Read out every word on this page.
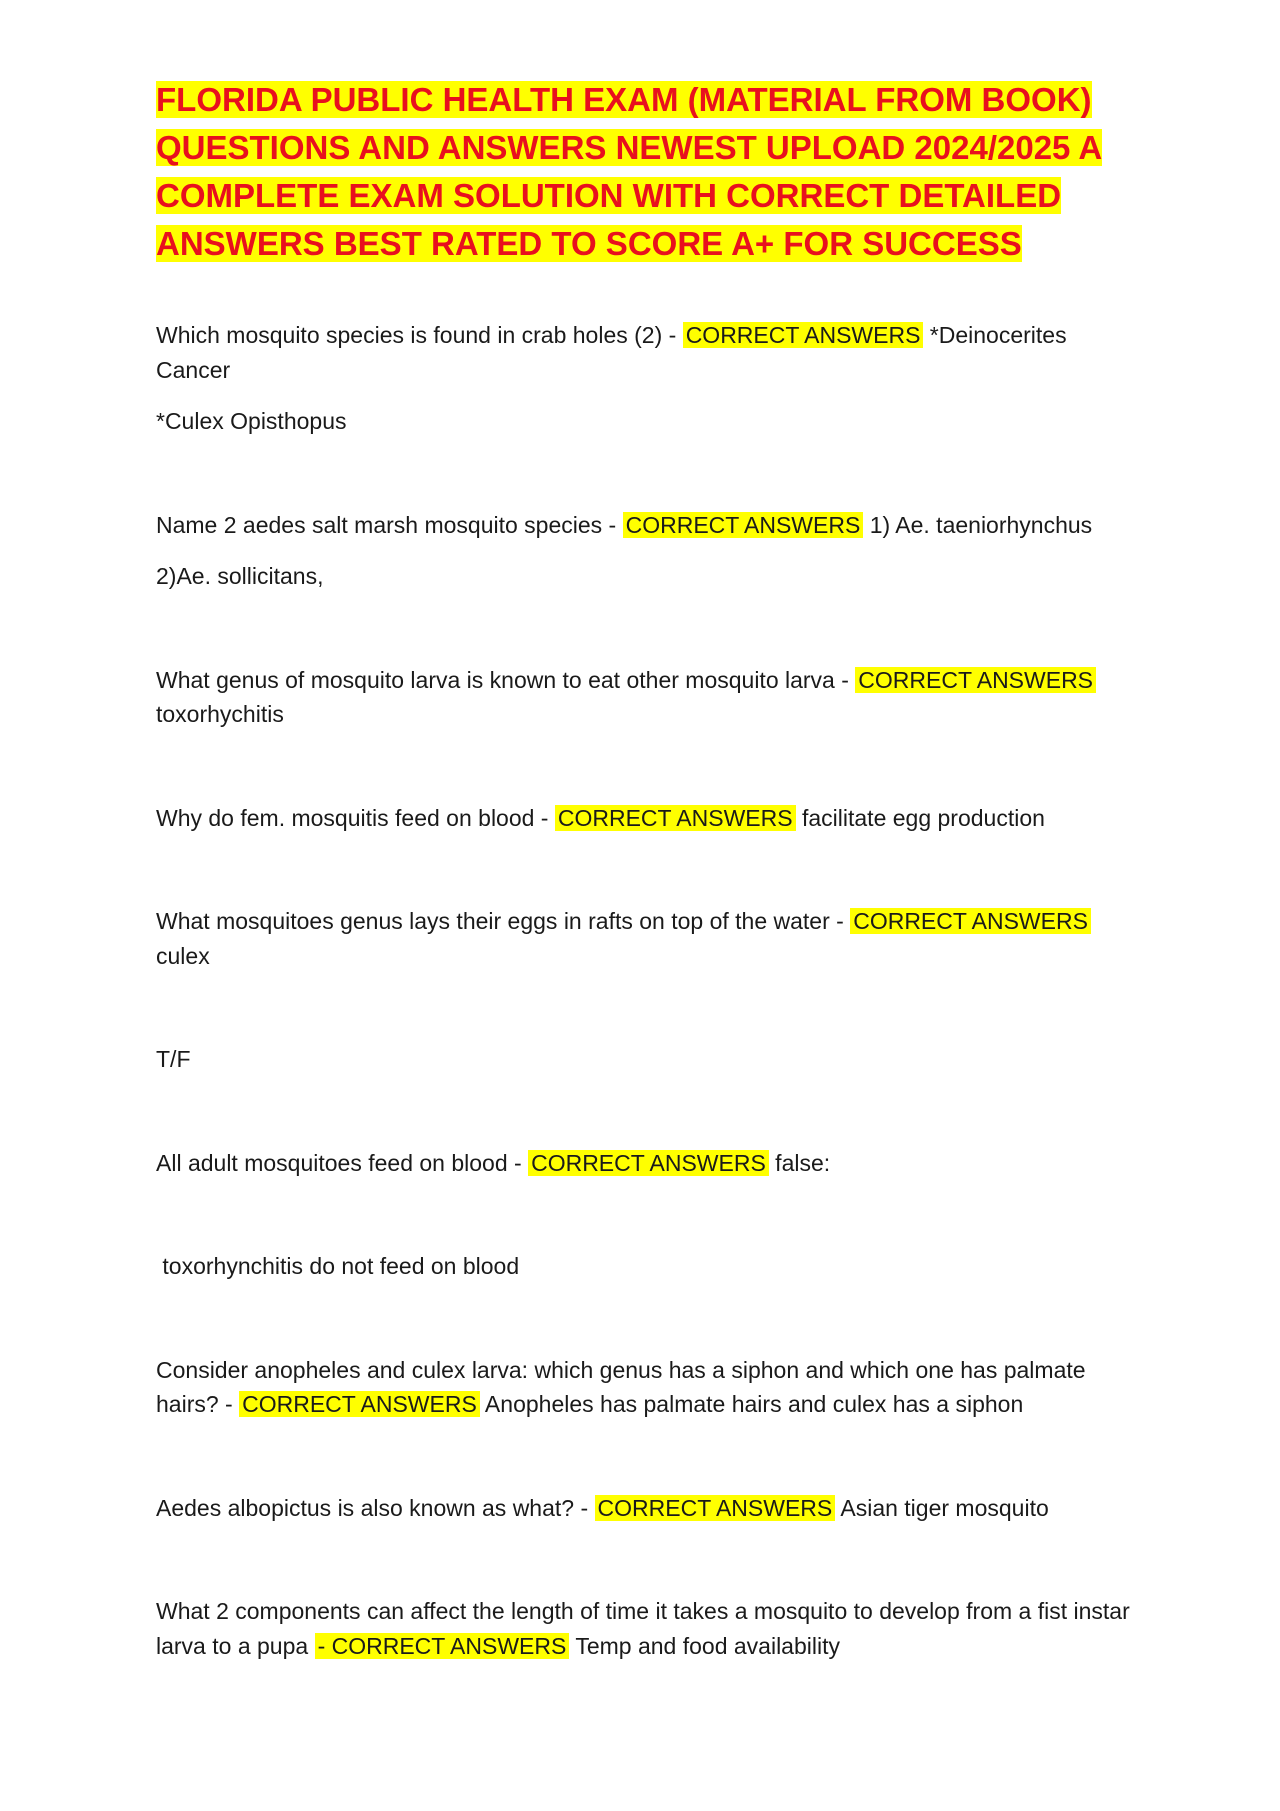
FLORIDA PUBLIC HEALTH EXAM (MATERIAL FROM BOOK) QUESTIONS AND ANSWERS NEWEST UPLOAD 2024/2025 A COMPLETE EXAM SOLUTION WITH CORRECT DETAILED ANSWERS BEST RATED TO SCORE A+ FOR SUCCESS

Which mosquito species is found in crab holes (2) - CORRECT ANSWERS *Deinocerites Cancer

*Culex Opisthopus

Name 2 aedes salt marsh mosquito species - CORRECT ANSWERS 1) Ae. taeniorhynchus

2)Ae. sollicitans,

What genus of mosquito larva is known to eat other mosquito larva - CORRECT ANSWERS toxorhychitis

Why do fem. mosquitis feed on blood - CORRECT ANSWERS facilitate egg production

What mosquitoes genus lays their eggs in rafts on top of the water - CORRECT ANSWERS culex

T/F

All adult mosquitoes feed on blood - CORRECT ANSWERS false:

toxorhynchitis do not feed on blood

Consider anopheles and culex larva: which genus has a siphon and which one has palmate hairs? - CORRECT ANSWERS Anopheles has palmate hairs and culex has a siphon

Aedes albopictus is also known as what? - CORRECT ANSWERS Asian tiger mosquito

What 2 components can affect the length of time it takes a mosquito to develop from a fist instar larva to a pupa - CORRECT ANSWERS Temp and food availability
